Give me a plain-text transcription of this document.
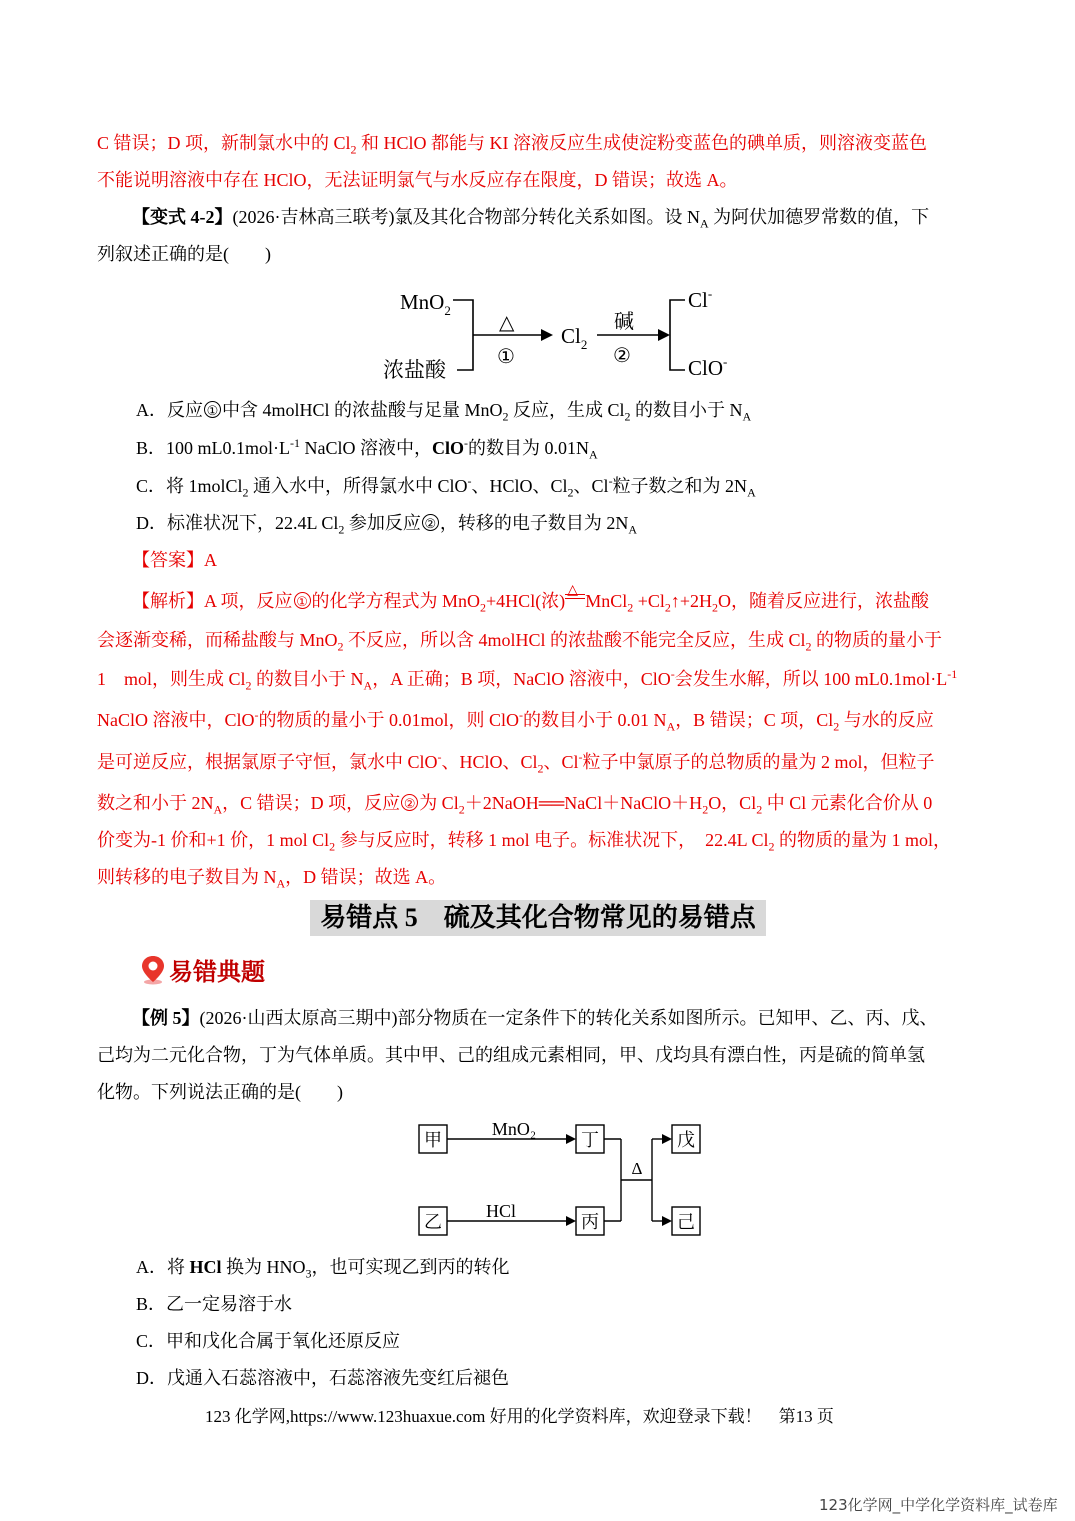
C 错误；D 项，新制氯水中的 $Cl_2$ 和 HClO 都能与 KI 溶液反应生成使淀粉变蓝色的碘单质，则溶液变蓝色
不能说明溶液中存在 HClO，无法证明氯气与水反应存在限度，D 错误；故选 A。
【变式 4-2】(2026·吉林高三联考)氯及其化合物部分转化关系如图。设 $N_A$ 为阿伏加德罗常数的值，下
列叙述正确的是(　　)
MnO$_2$
浓盐酸
△
①
$Cl_2$
碱
②
Cl-
ClO-
A．反应 ① 中含 4molHCl 的浓盐酸与足量 MnO$_2$ 反应，生成 $Cl_2$ 的数目小于 $N_A$
B．100 $mL0.1mol\cdot L^{-1}$ NaClO 溶液中，ClO-的数目为 $0.01N_A$
C．将 1molCl$_2$ 通入水中，所得氯水中 ClO-、HClO、$Cl_2$、Cl-粒子数之和为 $2N_A$
D．标准状况下，22.4L $Cl_2$ 参加反应 ② ，转移的电子数目为 $2N_A$
【答案】A
【解析】A 项，反应 ① 的化学方程式为 MnO$_2$+4HCl(浓)
△
MnCl$_2$ $+Cl_2↑+2H_2O$，随着反应进行，浓盐酸
会逐渐变稀，而稀盐酸与 MnO$_2$ 不反应，所以含 4molHCl 的浓盐酸不能完全反应，生成 $Cl_2$ 的物质的量小于
1　mol，则生成 $Cl_2$ 的数目小于 $N_A$，A 正确；B 项，NaClO 溶液中，ClO-会发生水解，所以 100 $mL0.1mol\cdot L^{-1}$
NaClO 溶液中，ClO-的物质的量小于 0.01mol，则 ClO-的数目小于 0.01 $N_A$，B 错误；C 项，$Cl_2$ 与水的反应
是可逆反应，根据氯原子守恒，氯水中 ClO-、HClO、$Cl_2$、Cl-粒子中氯原子的总物质的量为 2 mol，但粒子
数之和小于 $2N_A$，C 错误；D 项，反应 ② 为 $Cl_2+2NaOH══NaCl+NaClO+H_2O$，$Cl_2$ 中 Cl 元素化合价从 0
价变为-1 价和+1 价，1 mol $Cl_2$ 参与反应时，转移 1 mol 电子。标准状况下，　22.4L $Cl_2$ 的物质的量为 1 mol，
则转移的电子数目为 $N_A$，D 错误；故选 A。
易错点 5　硫及其化合物常见的易错点
易错典题
【例 5】(2026·山西太原高三期中)部分物质在一定条件下的转化关系如图所示。已知甲、乙、丙、戊、
己均为二元化合物，丁为气体单质。其中甲、己的组成元素相同，甲、戊均具有漂白性，丙是硫的简单氢
化物。下列说法正确的是(　　)
甲
乙
丁
丙
戊
己
MnO₂
HCl
Δ
A．将 HCl 换为 $HNO_3$，也可实现乙到丙的转化
B．乙一定易溶于水
C．甲和戊化合属于氧化还原反应
D．戊通入石蕊溶液中，石蕊溶液先变红后褪色
123 化学网,https://www.123huaxue.com 好用的化学资料库，欢迎登录下载！　第13 页
123化学网_中学化学资料库_试卷库
